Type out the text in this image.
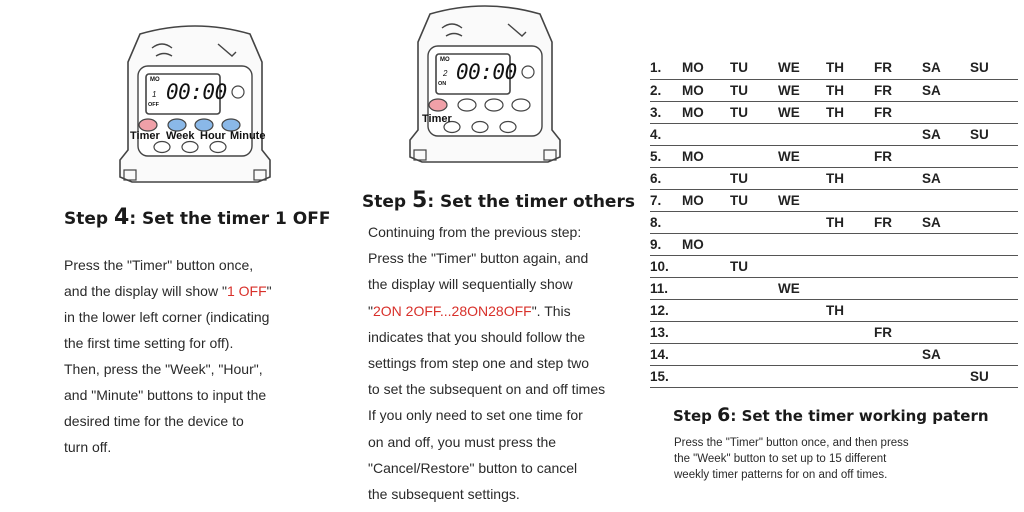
MO
1
OFF
00:00
Timer Week Hour Minute
Step 4: Set the timer 1 OFF
Press the "Timer" button once,
and the display will show "1 OFF"
in the lower left corner (indicating
the first time setting for off).
Then, press the "Week", "Hour",
and "Minute" buttons to input the
desired time for the device to
turn off.
MO
2
ON 00:00
Timer
Step 5: Set the timer others
Continuing from the previous step:
Press the "Timer" button again, and
the display will sequentially show
"2ON 2OFF...28ON28OFF". This
indicates that you should follow the
settings from step one and step two
to set the subsequent on and off times
If you only need to set one time for
on and off, you must press the
"Cancel/Restore" button to cancel
the subsequent settings.
1.	MO	TU	WE	TH	FR	SA	SU
2.	MO	TU	WE	TH	FR	SA	
3.	MO	TU	WE	TH	FR		
4.						SA	SU
5.	MO		WE		FR		
6.		TU		TH		SA	
7.	MO	TU	WE				
8.				TH	FR	SA	
9.	MO						
10.		TU					
11.			WE				
12.				TH			
13.					FR		
14.						SA	
15.							SU
Step 6: Set the timer working patern
Press the "Timer" button once, and then press
the "Week" button to set up to 15 different
weekly timer patterns for on and off times.
